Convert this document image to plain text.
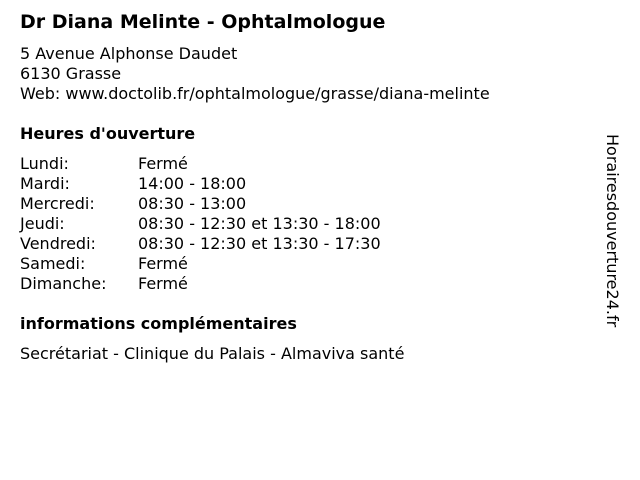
Dr Diana Melinte - Ophtalmologue
5 Avenue Alphonse Daudet
6130 Grasse
Web: www.doctolib.fr/ophtalmologue/grasse/diana-melinte
Heures d'ouverture
Lundi:	Fermé
Mardi:	14:00 - 18:00
Mercredi:	08:30 - 13:00
Jeudi:	08:30 - 12:30 et 13:30 - 18:00
Vendredi:	08:30 - 12:30 et 13:30 - 17:30
Samedi:	Fermé
Dimanche:	Fermé
informations complémentaires
Secrétariat - Clinique du Palais - Almaviva santé
Horairesdouverture24.fr
